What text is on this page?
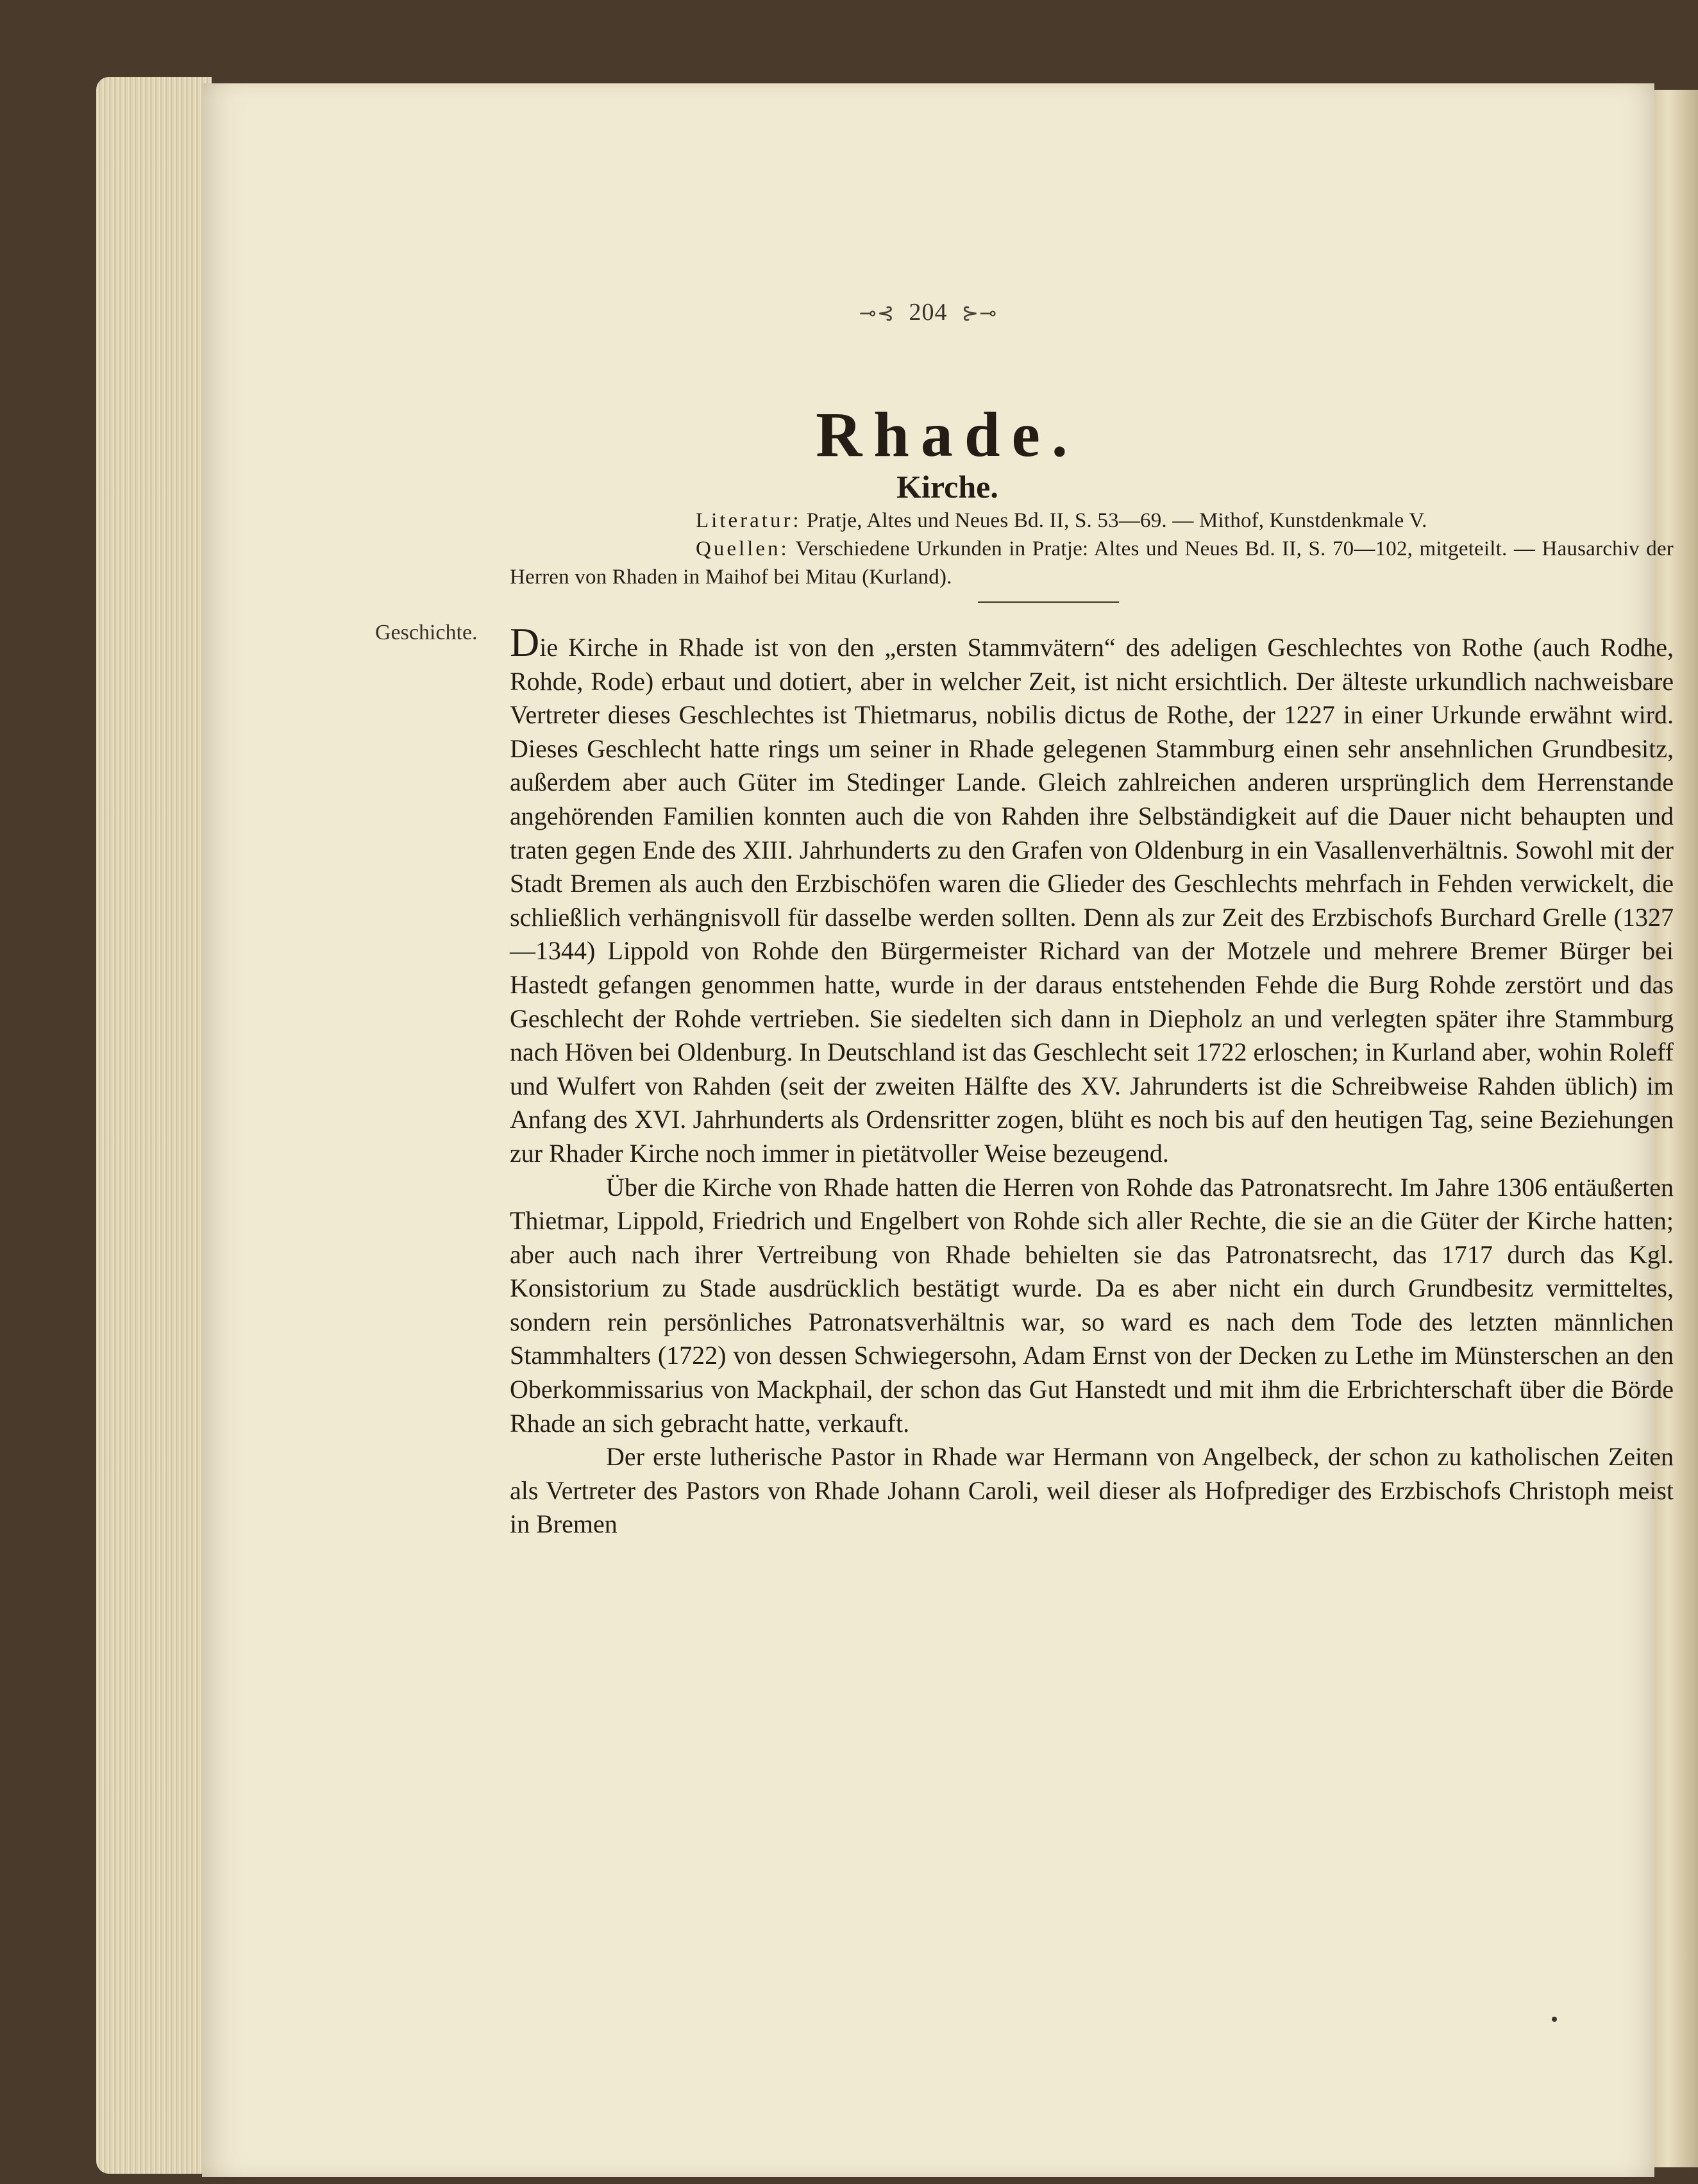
⊸⊰ 204 ⊱⊸
Rhade.
Kirche.

Literatur: Pratje, Altes und Neues Bd. II, S. 53—69. — Mithof, Kunstdenkmale V.

Quellen: Verschiedene Urkunden in Pratje: Altes und Neues Bd. II, S. 70—102, mitgeteilt. — Hausarchiv der Herren von Rhaden in Maihof bei Mitau (Kurland).

Geschichte. Die Kirche in Rhade ist von den „ersten Stammvätern“ des adeligen Geschlechtes von Rothe (auch Rodhe, Rohde, Rode) erbaut und dotiert, aber in welcher Zeit, ist nicht ersichtlich. Der älteste urkundlich nachweisbare Vertreter dieses Geschlechtes ist Thietmarus, nobilis dictus de Rothe, der 1227 in einer Urkunde erwähnt wird. Dieses Geschlecht hatte rings um seiner in Rhade gelegenen Stammburg einen sehr ansehnlichen Grundbesitz, außerdem aber auch Güter im Stedinger Lande. Gleich zahlreichen anderen ursprünglich dem Herrenstande angehörenden Familien konnten auch die von Rahden ihre Selbständigkeit auf die Dauer nicht behaupten und traten gegen Ende des XIII. Jahrhunderts zu den Grafen von Oldenburg in ein Vasallenverhältnis. Sowohl mit der Stadt Bremen als auch den Erzbischöfen waren die Glieder des Geschlechts mehrfach in Fehden verwickelt, die schließlich verhängnisvoll für dasselbe werden sollten. Denn als zur Zeit des Erzbischofs Burchard Grelle (1327—1344) Lippold von Rohde den Bürgermeister Richard van der Motzele und mehrere Bremer Bürger bei Hastedt gefangen genommen hatte, wurde in der daraus entstehenden Fehde die Burg Rohde zerstört und das Geschlecht der Rohde vertrieben. Sie siedelten sich dann in Diepholz an und verlegten später ihre Stammburg nach Höven bei Oldenburg. In Deutschland ist das Geschlecht seit 1722 erloschen; in Kurland aber, wohin Roleff und Wulfert von Rahden (seit der zweiten Hälfte des XV. Jahrunderts ist die Schreibweise Rahden üblich) im Anfang des XVI. Jahrhunderts als Ordensritter zogen, blüht es noch bis auf den heutigen Tag, seine Beziehungen zur Rhader Kirche noch immer in pietätvoller Weise bezeugend.

Über die Kirche von Rhade hatten die Herren von Rohde das Patronatsrecht. Im Jahre 1306 entäußerten Thietmar, Lippold, Friedrich und Engelbert von Rohde sich aller Rechte, die sie an die Güter der Kirche hatten; aber auch nach ihrer Vertreibung von Rhade behielten sie das Patronatsrecht, das 1717 durch das Kgl. Konsistorium zu Stade ausdrücklich bestätigt wurde. Da es aber nicht ein durch Grundbesitz vermitteltes, sondern rein persönliches Patronatsverhältnis war, so ward es nach dem Tode des letzten männlichen Stammhalters (1722) von dessen Schwiegersohn, Adam Ernst von der Decken zu Lethe im Münsterschen an den Oberkommissarius von Mackphail, der schon das Gut Hanstedt und mit ihm die Erbrichterschaft über die Börde Rhade an sich gebracht hatte, verkauft.

Der erste lutherische Pastor in Rhade war Hermann von Angelbeck, der schon zu katholischen Zeiten als Vertreter des Pastors von Rhade Johann Caroli, weil dieser als Hofprediger des Erzbischofs Christoph meist in Bremen
